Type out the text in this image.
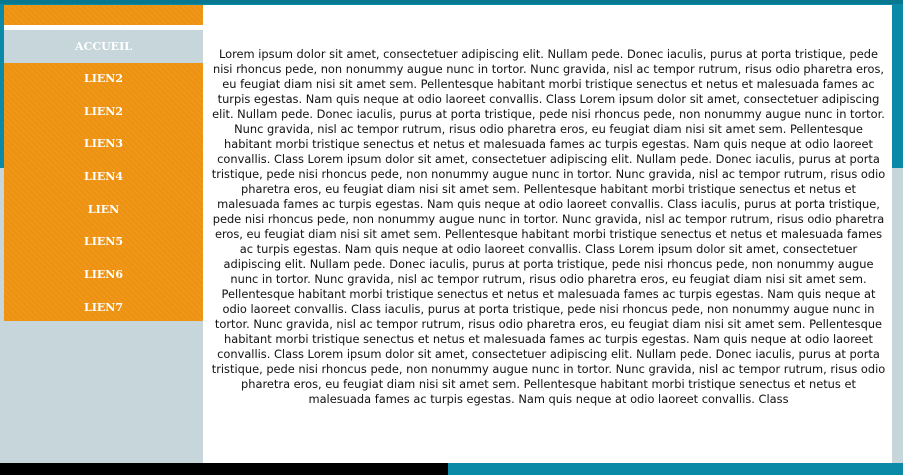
ACCUEIL
LIEN2
LIEN2
LIEN3
LIEN4
LIEN
LIEN5
LIEN6
LIEN7

Lorem ipsum dolor sit amet, consectetuer adipiscing elit. Nullam pede. Donec iaculis, purus at porta tristique, pede nisi rhoncus pede, non nonummy augue nunc in tortor. Nunc gravida, nisl ac tempor rutrum, risus odio pharetra eros, eu feugiat diam nisi sit amet sem. Pellentesque habitant morbi tristique senectus et netus et malesuada fames ac turpis egestas. Nam quis neque at odio laoreet convallis. Class Lorem ipsum dolor sit amet, consectetuer adipiscing elit. Nullam pede. Donec iaculis, purus at porta tristique, pede nisi rhoncus pede, non nonummy augue nunc in tortor. Nunc gravida, nisl ac tempor rutrum, risus odio pharetra eros, eu feugiat diam nisi sit amet sem. Pellentesque habitant morbi tristique senectus et netus et malesuada fames ac turpis egestas. Nam quis neque at odio laoreet convallis. Class Lorem ipsum dolor sit amet, consectetuer adipiscing elit. Nullam pede. Donec iaculis, purus at porta tristique, pede nisi rhoncus pede, non nonummy augue nunc in tortor. Nunc gravida, nisl ac tempor rutrum, risus odio pharetra eros, eu feugiat diam nisi sit amet sem. Pellentesque habitant morbi tristique senectus et netus et malesuada fames ac turpis egestas. Nam quis neque at odio laoreet convallis. Class iaculis, purus at porta tristique, pede nisi rhoncus pede, non nonummy augue nunc in tortor. Nunc gravida, nisl ac tempor rutrum, risus odio pharetra eros, eu feugiat diam nisi sit amet sem. Pellentesque habitant morbi tristique senectus et netus et malesuada fames ac turpis egestas. Nam quis neque at odio laoreet convallis. Class Lorem ipsum dolor sit amet, consectetuer adipiscing elit. Nullam pede. Donec iaculis, purus at porta tristique, pede nisi rhoncus pede, non nonummy augue nunc in tortor. Nunc gravida, nisl ac tempor rutrum, risus odio pharetra eros, eu feugiat diam nisi sit amet sem. Pellentesque habitant morbi tristique senectus et netus et malesuada fames ac turpis egestas. Nam quis neque at odio laoreet convallis. Class iaculis, purus at porta tristique, pede nisi rhoncus pede, non nonummy augue nunc in tortor. Nunc gravida, nisl ac tempor rutrum, risus odio pharetra eros, eu feugiat diam nisi sit amet sem. Pellentesque habitant morbi tristique senectus et netus et malesuada fames ac turpis egestas. Nam quis neque at odio laoreet convallis. Class Lorem ipsum dolor sit amet, consectetuer adipiscing elit. Nullam pede. Donec iaculis, purus at porta tristique, pede nisi rhoncus pede, non nonummy augue nunc in tortor. Nunc gravida, nisl ac tempor rutrum, risus odio pharetra eros, eu feugiat diam nisi sit amet sem. Pellentesque habitant morbi tristique senectus et netus et malesuada fames ac turpis egestas. Nam quis neque at odio laoreet convallis. Class
